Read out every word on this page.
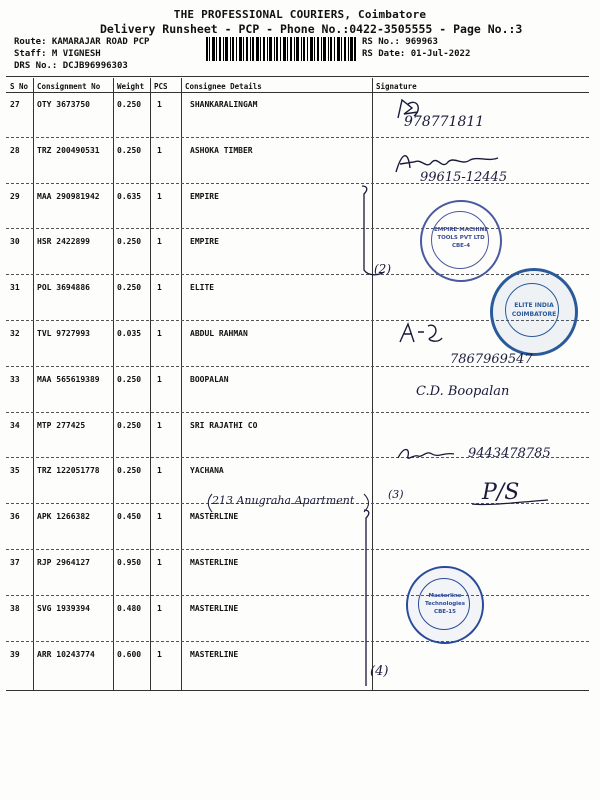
THE PROFESSIONAL COURIERS, Coimbatore
Delivery Runsheet - PCP - Phone No.:0422-3505555 - Page No.:3
Route: KAMARAJAR ROAD PCP
Staff: M VIGNESH
DRS No.: DCJB96996303
RS No.: 969963
RS Date: 01-Jul-2022
S No Consignment No Weight PCS Consignee Details	Signature
27 OTY 3673750	0.250 1	SHANKARALINGAM
28 TRZ 200490531 0.250 1	ASHOKA TIMBER
29 MAA 290981942 0.635 1	EMPIRE
30 HSR 2422899	0.250 1	EMPIRE
31 POL 3694886	0.250 1	ELITE
32 TVL 9727993	0.035 1	ABDUL RAHMAN
33 MAA 565619389 0.250 1	BOOPALAN
34 MTP 277425	0.250 1	SRI RAJATHI CO
35 TRZ 122051778 0.250 1	YACHANA
36 APK 1266382	0.450 1	MASTERLINE
37 RJP 2964127	0.950 1	MASTERLINE
38 SVG 1939394	0.480 1	MASTERLINE
39 ARR 10243774	0.600 1	MASTERLINE
978771811
99615-12445
(2)
EMPIRE MACHINE TOOLS PVT LTD CBE-4
ELITE INDIA COIMBATORE
7867969547
C.D. Boopalan
9443478785
213 Anugraha Apartment	(3)	P/S
Masterline Technologies CBE-15
(4)
